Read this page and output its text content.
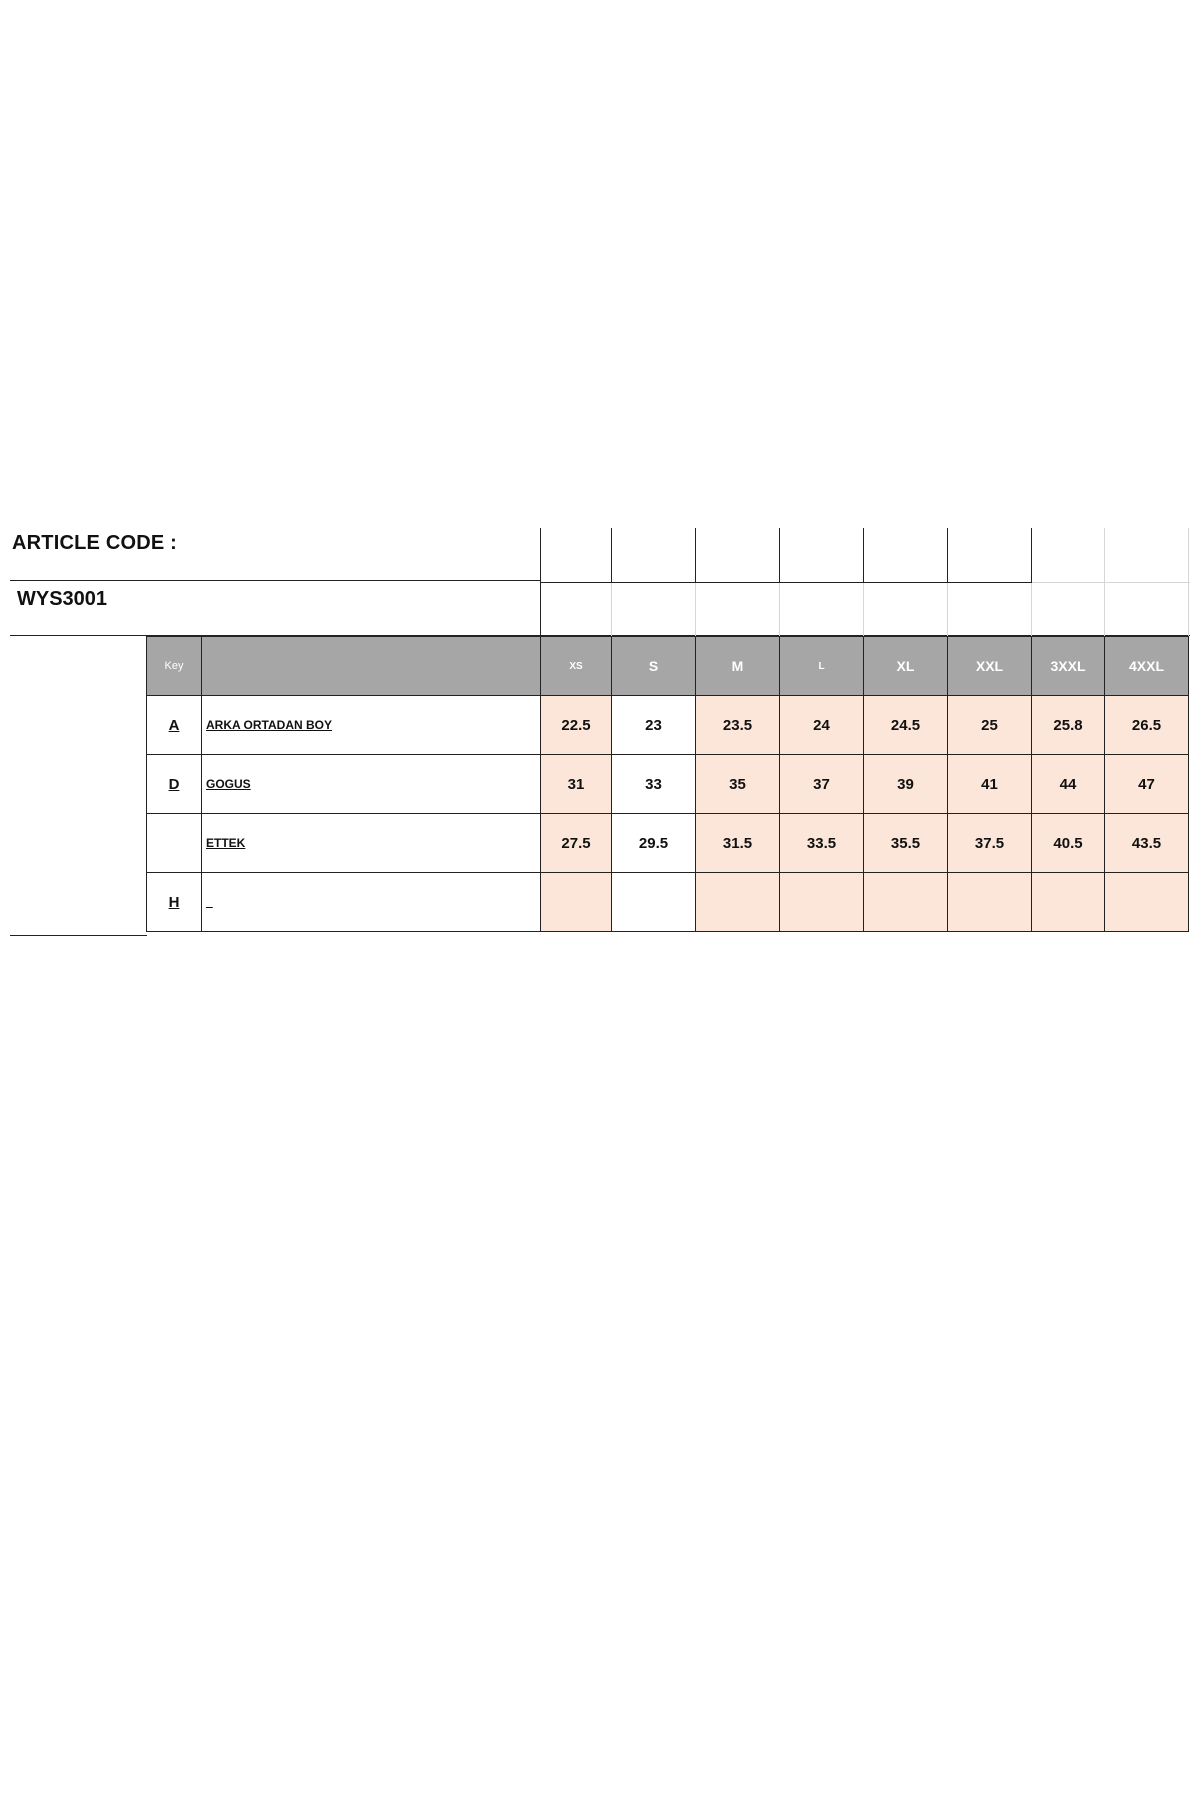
ARTICLE CODE :
WYS3001
Key		XS	S	M	L	XL	XXL	3XXL	4XXL
A	ARKA ORTADAN BOY	22.5	23	23.5	24	24.5	25	25.8	26.5
D	GOGUS	31	33	35	37	39	41	44	47
	ETTEK	27.5	29.5	31.5	33.5	35.5	37.5	40.5	43.5
H	_								
